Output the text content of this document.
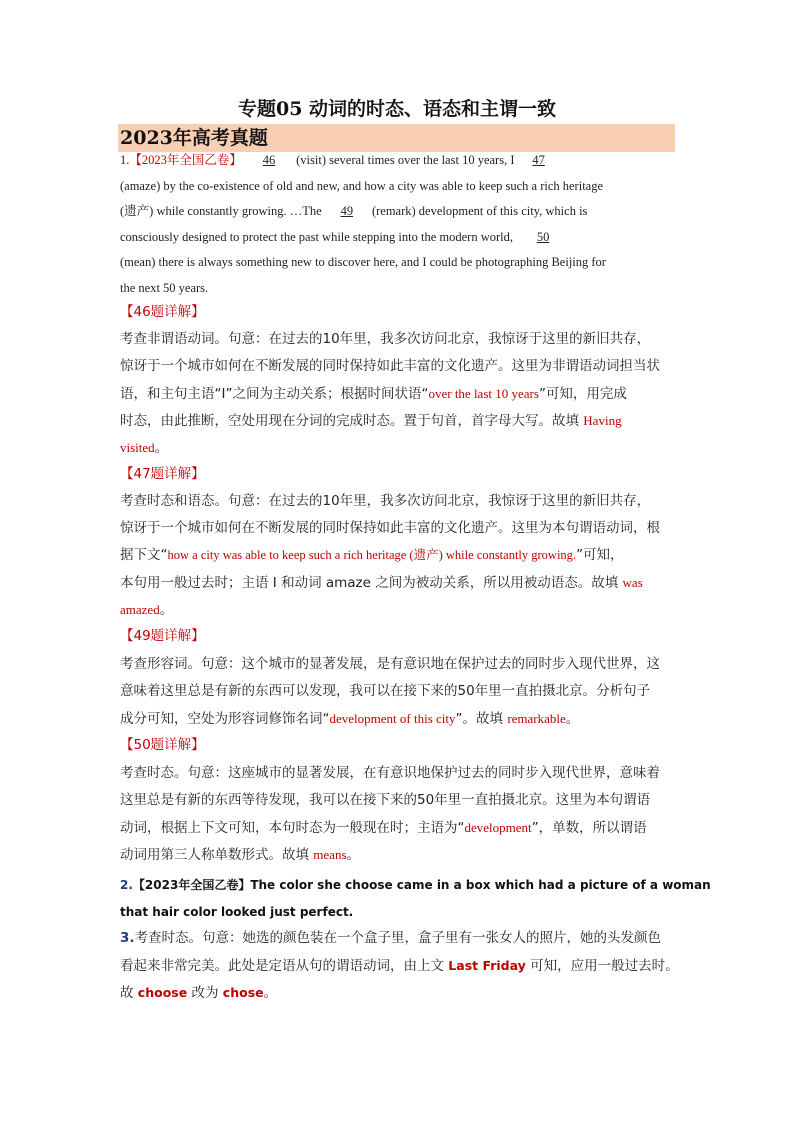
专题05 动词的时态、语态和主谓一致
2023年高考真题
1.【2023年全国乙卷】 46 (visit) several times over the last 10 years, I 47
(amaze) by the co-existence of old and new, and how a city was able to keep such a rich heritage
(遗产) while constantly growing. …The 49 (remark) development of this city, which is
consciously designed to protect the past while stepping into the modern world, 50
(mean) there is always something new to discover here, and I could be photographing Beijing for
the next 50 years.
【46题详解】
考查非谓语动词。句意：在过去的10年里，我多次访问北京，我惊讶于这里的新旧共存，
惊讶于一个城市如何在不断发展的同时保持如此丰富的文化遗产。这里为非谓语动词担当状
语，和主句主语“I”之间为主动关系；根据时间状语“over the last 10 years”可知，用完成
时态，由此推断，空处用现在分词的完成时态。置于句首，首字母大写。故填 Having
visited。
【47题详解】
考查时态和语态。句意：在过去的10年里，我多次访问北京，我惊讶于这里的新旧共存，
惊讶于一个城市如何在不断发展的同时保持如此丰富的文化遗产。这里为本句谓语动词，根
据下文“how a city was able to keep such a rich heritage (遗产) while constantly growing.”可知，
本句用一般过去时；主语 I 和动词 amaze 之间为被动关系，所以用被动语态。故填 was
amazed。
【49题详解】
考查形容词。句意：这个城市的显著发展，是有意识地在保护过去的同时步入现代世界，这
意味着这里总是有新的东西可以发现，我可以在接下来的50年里一直拍摄北京。分析句子
成分可知，空处为形容词修饰名词“development of this city”。故填 remarkable。
【50题详解】
考查时态。句意：这座城市的显著发展，在有意识地保护过去的同时步入现代世界，意味着
这里总是有新的东西等待发现，我可以在接下来的50年里一直拍摄北京。这里为本句谓语
动词，根据上下文可知，本句时态为一般现在时；主语为“development”，单数，所以谓语
动词用第三人称单数形式。故填 means。
2.【2023年全国乙卷】The color she choose came in a box which had a picture of a woman
that hair color looked just perfect.
3.考查时态。句意：她选的颜色装在一个盒子里，盒子里有一张女人的照片，她的头发颜色
看起来非常完美。此处是定语从句的谓语动词，由上文 Last Friday 可知，应用一般过去时。
故 choose 改为 chose。
